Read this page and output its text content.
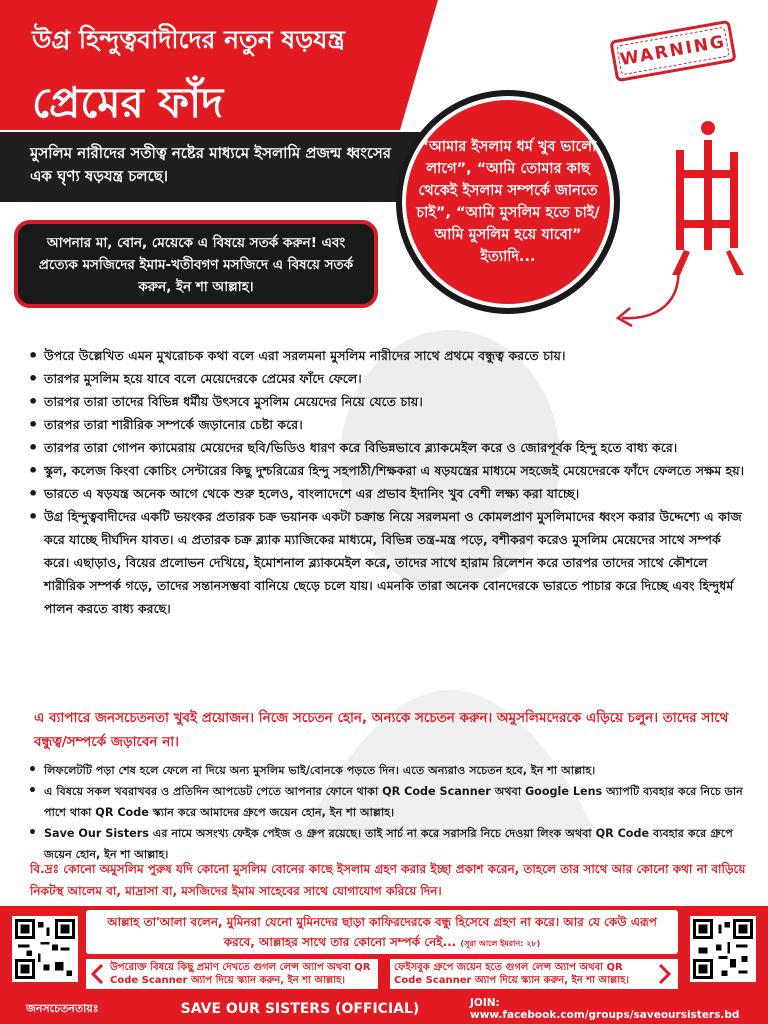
উগ্র হিন্দুত্ববাদীদের নতুন ষড়যন্ত্র
প্রেমের ফাঁদ
WARNING
মুসলিম নারীদের সতীত্ব নষ্টের মাধ্যমে ইসলামি প্রজন্ম ধ্বংসের এক ঘৃণ্য ষড়যন্ত্র চলছে।
আপনার মা, বোন, মেয়েকে এ বিষয়ে সতর্ক করুন! এবং প্রত্যেক মসজিদের ইমাম-খতীবগণ মসজিদে এ বিষয়ে সতর্ক করুন, ইন শা আল্লাহ।

“আমার ইসলাম ধর্ম খুব ভালো লাগে”, “আমি তোমার কাছ থেকেই ইসলাম সম্পর্কে জানতে চাই”, “আমি মুসলিম হতে চাই/আমি মুসলিম হয়ে যাবো” ইত্যাদি...

• উপরে উল্লেখিত এমন মুখরোচক কথা বলে এরা সরলমনা মুসলিম নারীদের সাথে প্রথমে বন্ধুত্ব করতে চায়।
• তারপর মুসলিম হয়ে যাবে বলে মেয়েদেরকে প্রেমের ফাঁদে ফেলে।
• তারপর তারা তাদের বিভিন্ন ধর্মীয় উৎসবে মুসলিম মেয়েদের নিয়ে যেতে চায়।
• তারপর তারা শারীরিক সম্পর্কে জড়ানোর চেষ্টা করে।
• তারপর তারা গোপন ক্যামেরায় মেয়েদের ছবি/ভিডিও ধারণ করে বিভিন্নভাবে ব্ল্যাকমেইল করে ও জোরপূর্বক হিন্দু হতে বাধ্য করে।
• স্কুল, কলেজ কিংবা কোচিং সেন্টারের কিছু দুশ্চরিত্রের হিন্দু সহপাঠী/শিক্ষকরা এ ষড়যন্ত্রের মাধ্যমে সহজেই মেয়েদেরকে ফাঁদে ফেলতে সক্ষম হয়।
• ভারতে এ ষড়যন্ত্র অনেক আগে থেকে শুরু হলেও, বাংলাদেশে এর প্রভাব ইদানিং খুব বেশী লক্ষ্য করা যাচ্ছে।
• উগ্র হিন্দুত্ববাদীদের একটি ভয়ংকর প্রতারক চক্র ভয়ানক একটা চক্রান্ত নিয়ে সরলমনা ও কোমলপ্রাণ মুসলিমাদের ধ্বংস করার উদ্দেশ্যে এ কাজ করে যাচ্ছে দীর্ঘদিন যাবত। এ প্রতারক চক্র ব্ল্যাক ম্যাজিকের মাধ্যমে, বিভিন্ন তন্ত্র-মন্ত্র পড়ে, বশীকরণ করেও মুসলিম মেয়েদের সাথে সম্পর্ক করে। এছাড়াও, বিয়ের প্রলোভন দেখিয়ে, ইমোশনাল ব্ল্যাকমেইল করে, তাদের সাথে হারাম রিলেশন করে তারপর তাদের সাথে কৌশলে শারীরিক সম্পর্ক গড়ে, তাদের সন্তানসম্ভবা বানিয়ে ছেড়ে চলে যায়। এমনকি তারা অনেক বোনদেরকে ভারতে পাচার করে দিচ্ছে এবং হিন্দুধর্ম পালন করতে বাধ্য করছে।
এ ব্যাপারে জনসচেতনতা খুবই প্রয়োজন। নিজে সচেতন হোন, অন্যকে সচেতন করুন। অমুসলিমদেরকে এড়িয়ে চলুন। তাদের সাথে বন্ধুত্ব/সম্পর্কে জড়াবেন না।
• লিফলেটটি পড়া শেষ হলে ফেলে না দিয়ে অন্য মুসলিম ভাই/বোনকে পড়তে দিন। এতে অন্যরাও সচেতন হবে, ইন শা আল্লাহ।
• এ বিষয়ে সকল খবরাখবর ও প্রতিদিন আপডেট পেতে আপনার ফোনে থাকা QR Code Scanner অথবা Google Lens অ্যাপটি ব্যবহার করে নিচে ডান পাশে থাকা QR Code স্ক্যান করে আমাদের গ্রুপে জয়েন হোন, ইন শা আল্লাহ।
• Save Our Sisters এর নামে অসংখ্য ফেইক পেইজ ও গ্রুপ রয়েছে। তাই সার্চ না করে সরাসরি নিচে দেওয়া লিংক অথবা QR Code ব্যবহার করে গ্রুপে জয়েন হোন, ইন শা আল্লাহ।
বি.দ্রঃ কোনো অমুসলিম পুরুষ যদি কোনো মুসলিম বোনের কাছে ইসলাম গ্রহণ করার ইচ্ছা প্রকাশ করেন, তাহলে তার সাথে আর কোনো কথা না বাড়িয়ে নিকটস্থ আলেম বা, মাদ্রাসা বা, মসজিদের ইমাম সাহেবের সাথে যোগাযোগ করিয়ে দিন।
আল্লাহ তা'আলা বলেন, মুমিনরা যেনো মুমিনদের ছাড়া কাফিরদেরকে বন্ধু হিসেবে গ্রহণ না করে। আর যে কেউ এরূপ করবে, আল্লাহর সাথে তার কোনো সম্পর্ক নেই... (সূরা আলে ইমরান: ২৮)
উপরোক্ত বিষয়ে কিছু প্রমাণ দেখতে গুগল লেন্স অ্যাপ অথবা QR Code Scanner অ্যাপ দিয়ে স্ক্যান করুন, ইন শা আল্লাহ।
ফেইসবুক গ্রুপে জয়েন হতে গুগল লেন্স অ্যাপ অথবা QR Code Scanner অ্যাপ দিয়ে স্ক্যান করুন, ইন শা আল্লাহ।
জনসচেতনতায়ঃ	SAVE OUR SISTERS (OFFICIAL)	JOIN: www.facebook.com/groups/saveoursisters.bd
